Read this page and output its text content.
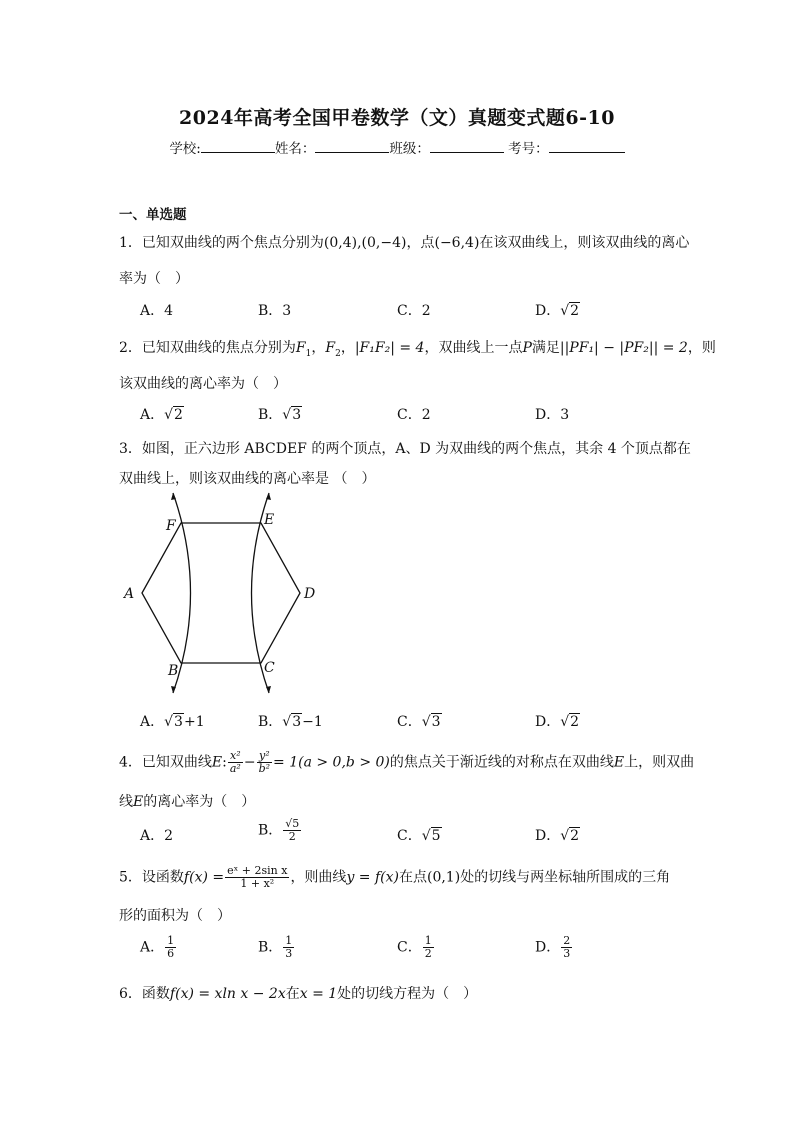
2024年高考全国甲卷数学（文）真题变式题6-10
学校:	姓名：	班级：	考号：
一、单选题
1．已知双曲线的两个焦点分别为(0,4),(0,−4)，点(−6,4)在该双曲线上，则该双曲线的离心
率为（　）
A．4	B．3	C．2	D．√2
2．已知双曲线的焦点分别为$F_1$，$F_2$，|F₁F₂| = 4，双曲线上一点P满足||PF₁| − |PF₂|| = 2，则
该双曲线的离心率为（　）
A．√2	B．√3	C．2	D．3
3．如图，正六边形 ABCDEF 的两个顶点，A、D 为双曲线的两个焦点，其余 4 个顶点都在
双曲线上，则该双曲线的离心率是 （　）
A
B	C
D
E
F
A．√3+1	B．√3−1	C．√3	D．√2
4．已知双曲线E: $\frac{\text{x²}}{\text{a²}} - \frac{\text{y²}}{\text{b²}} = 1(a > 0,b > 0)$的焦点关于渐近线的对称点在双曲线E上，则双曲
线E的离心率为（　）
A．2	B． $\frac{√5}{2}$	C．√5	D．√2
5．设函数$f(x) = \frac{\text{eˣ + 2sin x}}{\text{1 + x²}}$ ，则曲线y = f(x)在点(0,1)处的切线与两坐标轴所围成的三角
形的面积为（　）
A． $\frac{1}{6}$	B． $\frac{1}{3}$	C． $\frac{1}{2}$	D． $\frac{2}{3}$
6．函数f(x) = xln x − 2x在x = 1处的切线方程为（　）
